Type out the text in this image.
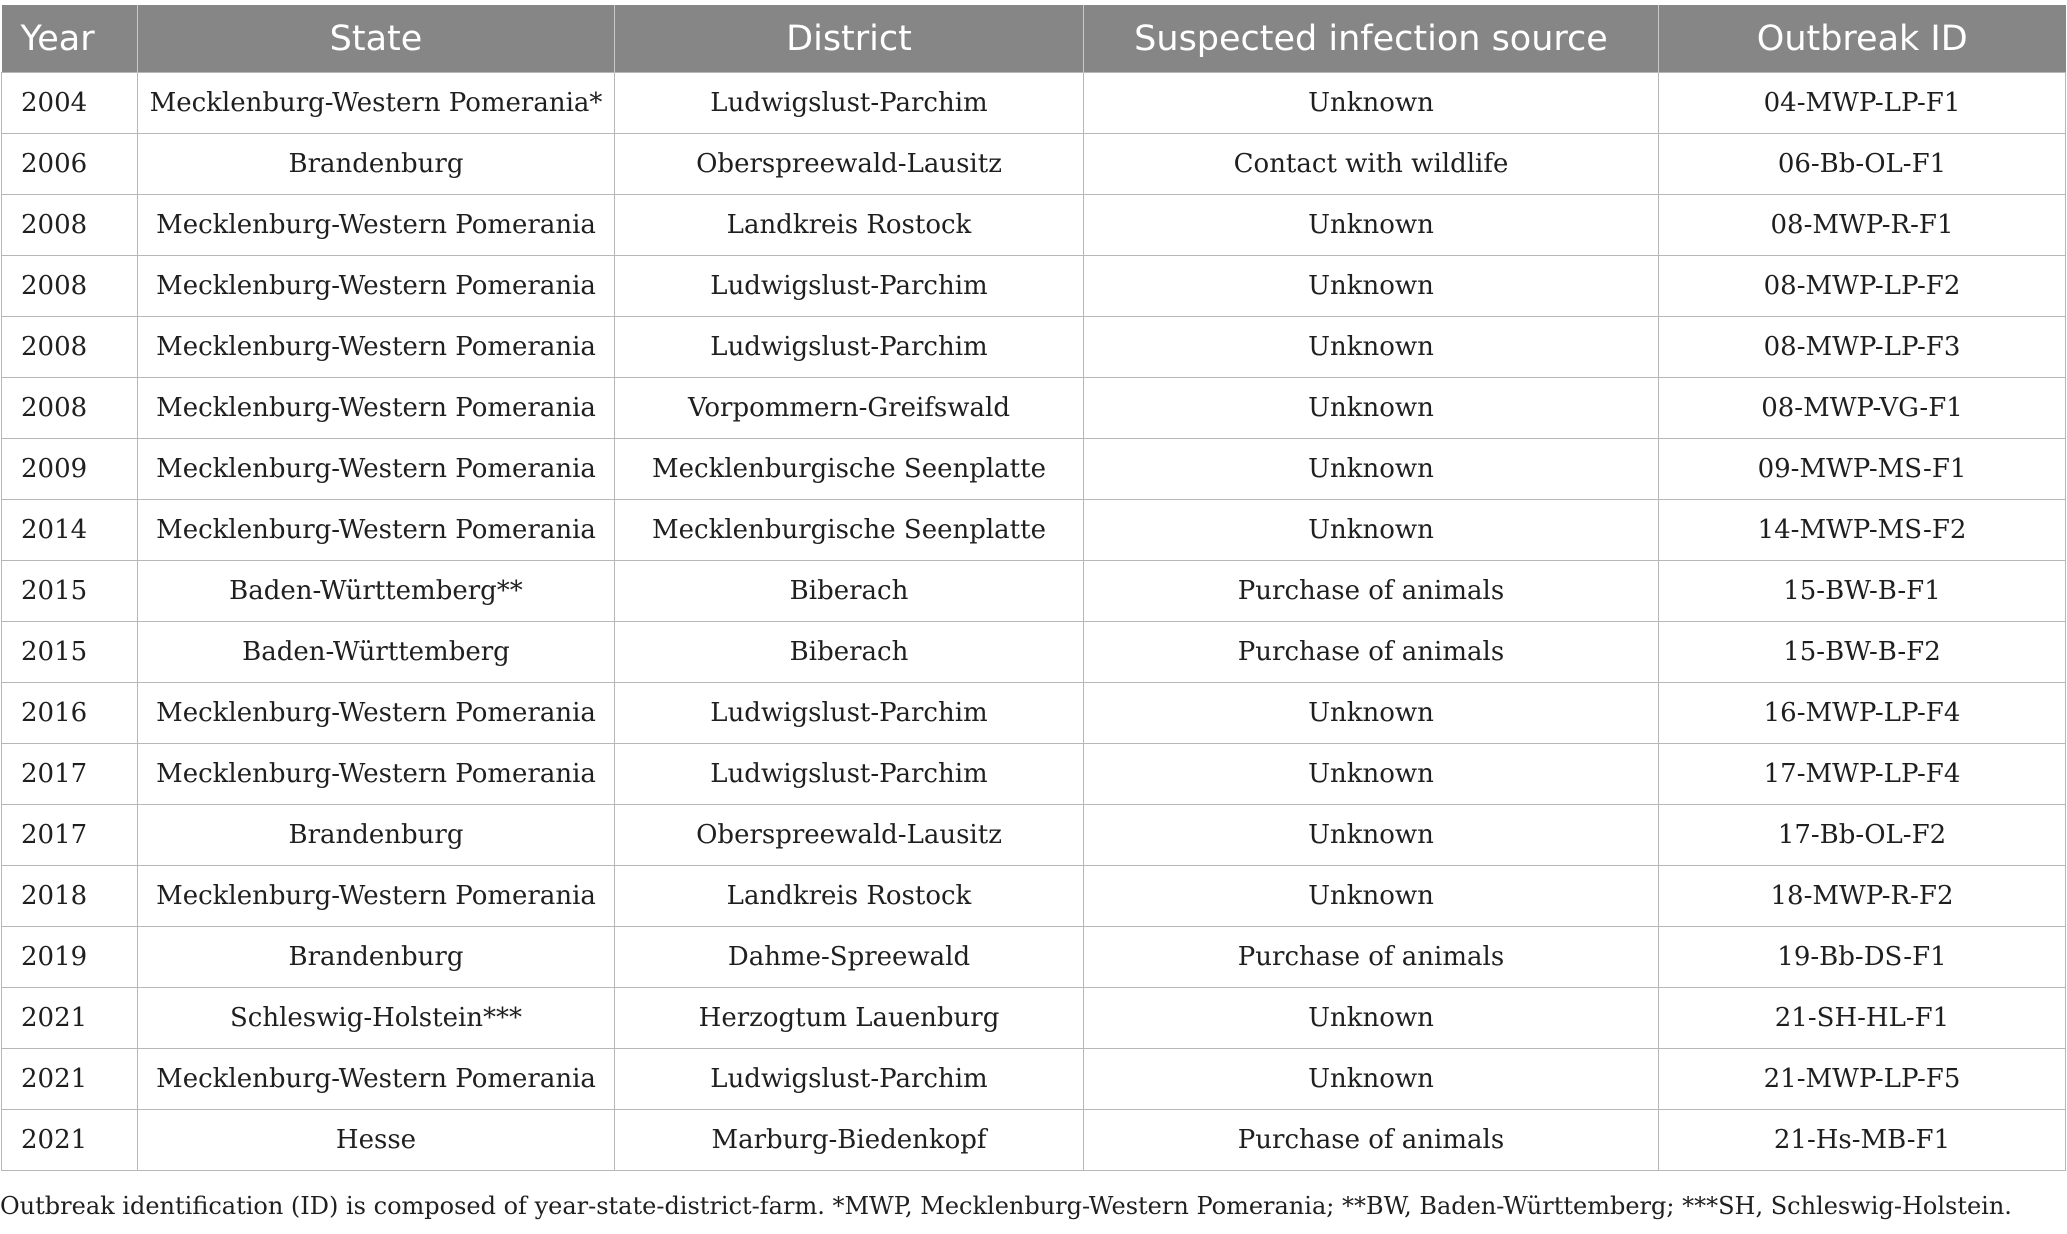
Year	State	District	Suspected infection source	Outbreak ID
2004	Mecklenburg-Western Pomerania*	Ludwigslust-Parchim	Unknown	04-MWP-LP-F1
2006	Brandenburg	Oberspreewald-Lausitz	Contact with wildlife	06-Bb-OL-F1
2008	Mecklenburg-Western Pomerania	Landkreis Rostock	Unknown	08-MWP-R-F1
2008	Mecklenburg-Western Pomerania	Ludwigslust-Parchim	Unknown	08-MWP-LP-F2
2008	Mecklenburg-Western Pomerania	Ludwigslust-Parchim	Unknown	08-MWP-LP-F3
2008	Mecklenburg-Western Pomerania	Vorpommern-Greifswald	Unknown	08-MWP-VG-F1
2009	Mecklenburg-Western Pomerania	Mecklenburgische Seenplatte	Unknown	09-MWP-MS-F1
2014	Mecklenburg-Western Pomerania	Mecklenburgische Seenplatte	Unknown	14-MWP-MS-F2
2015	Baden-Württemberg**	Biberach	Purchase of animals	15-BW-B-F1
2015	Baden-Württemberg	Biberach	Purchase of animals	15-BW-B-F2
2016	Mecklenburg-Western Pomerania	Ludwigslust-Parchim	Unknown	16-MWP-LP-F4
2017	Mecklenburg-Western Pomerania	Ludwigslust-Parchim	Unknown	17-MWP-LP-F4
2017	Brandenburg	Oberspreewald-Lausitz	Unknown	17-Bb-OL-F2
2018	Mecklenburg-Western Pomerania	Landkreis Rostock	Unknown	18-MWP-R-F2
2019	Brandenburg	Dahme-Spreewald	Purchase of animals	19-Bb-DS-F1
2021	Schleswig-Holstein***	Herzogtum Lauenburg	Unknown	21-SH-HL-F1
2021	Mecklenburg-Western Pomerania	Ludwigslust-Parchim	Unknown	21-MWP-LP-F5
2021	Hesse	Marburg-Biedenkopf	Purchase of animals	21-Hs-MB-F1
Outbreak identification (ID) is composed of year-state-district-farm. *MWP, Mecklenburg-Western Pomerania; **BW, Baden-Württemberg; ***SH, Schleswig-Holstein.
